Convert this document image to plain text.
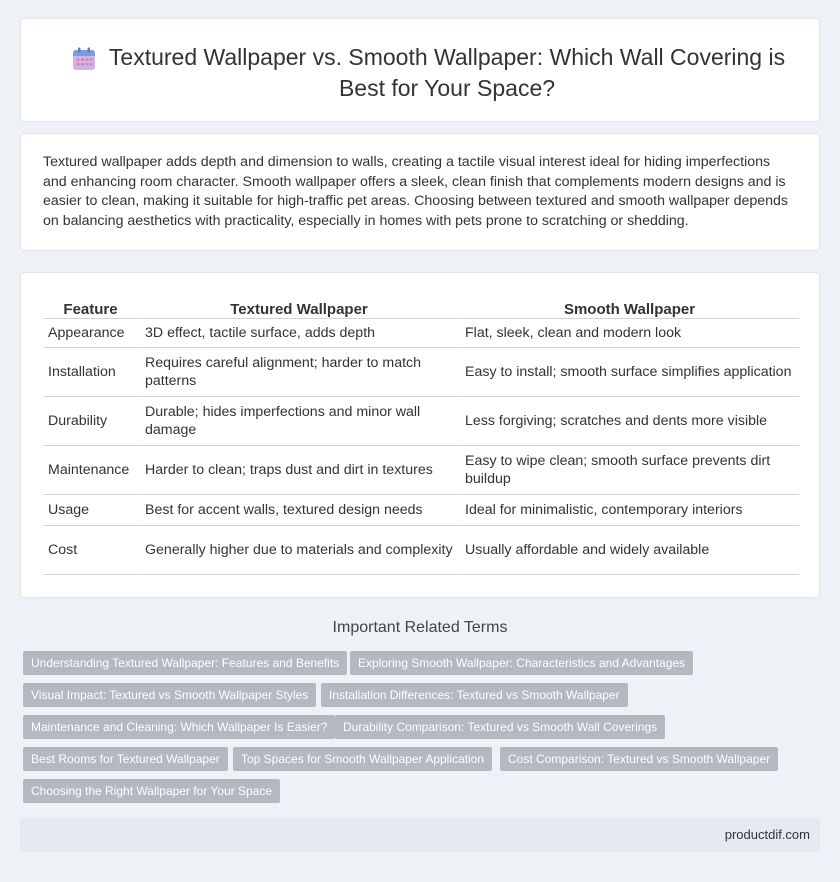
Textured Wallpaper vs. Smooth Wallpaper: Which Wall Covering is Best for Your Space?

Textured wallpaper adds depth and dimension to walls, creating a tactile visual interest ideal for hiding imperfections and enhancing room character. Smooth wallpaper offers a sleek, clean finish that complements modern designs and is easier to clean, making it suitable for high-traffic pet areas. Choosing between textured and smooth wallpaper depends on balancing aesthetics with practicality, especially in homes with pets prone to scratching or shedding.

Feature	Textured Wallpaper	Smooth Wallpaper
Appearance	3D effect, tactile surface, adds depth	Flat, sleek, clean and modern look
Installation	Requires careful alignment; harder to match patterns	Easy to install; smooth surface simplifies application
Durability	Durable; hides imperfections and minor wall damage	Less forgiving; scratches and dents more visible
Maintenance	Harder to clean; traps dust and dirt in textures	Easy to wipe clean; smooth surface prevents dirt buildup
Usage	Best for accent walls, textured design needs	Ideal for minimalistic, contemporary interiors
Cost	Generally higher due to materials and complexity	Usually affordable and widely available
Important Related Terms
Understanding Textured Wallpaper: Features and Benefits	Exploring Smooth Wallpaper: Characteristics and Advantages
Visual Impact: Textured vs Smooth Wallpaper Styles	Installation Differences: Textured vs Smooth Wallpaper
Maintenance and Cleaning: Which Wallpaper Is Easier?	Durability Comparison: Textured vs Smooth Wall Coverings
Best Rooms for Textured Wallpaper	Top Spaces for Smooth Wallpaper Application	Cost Comparison: Textured vs Smooth Wallpaper
Choosing the Right Wallpaper for Your Space
productdif.com
